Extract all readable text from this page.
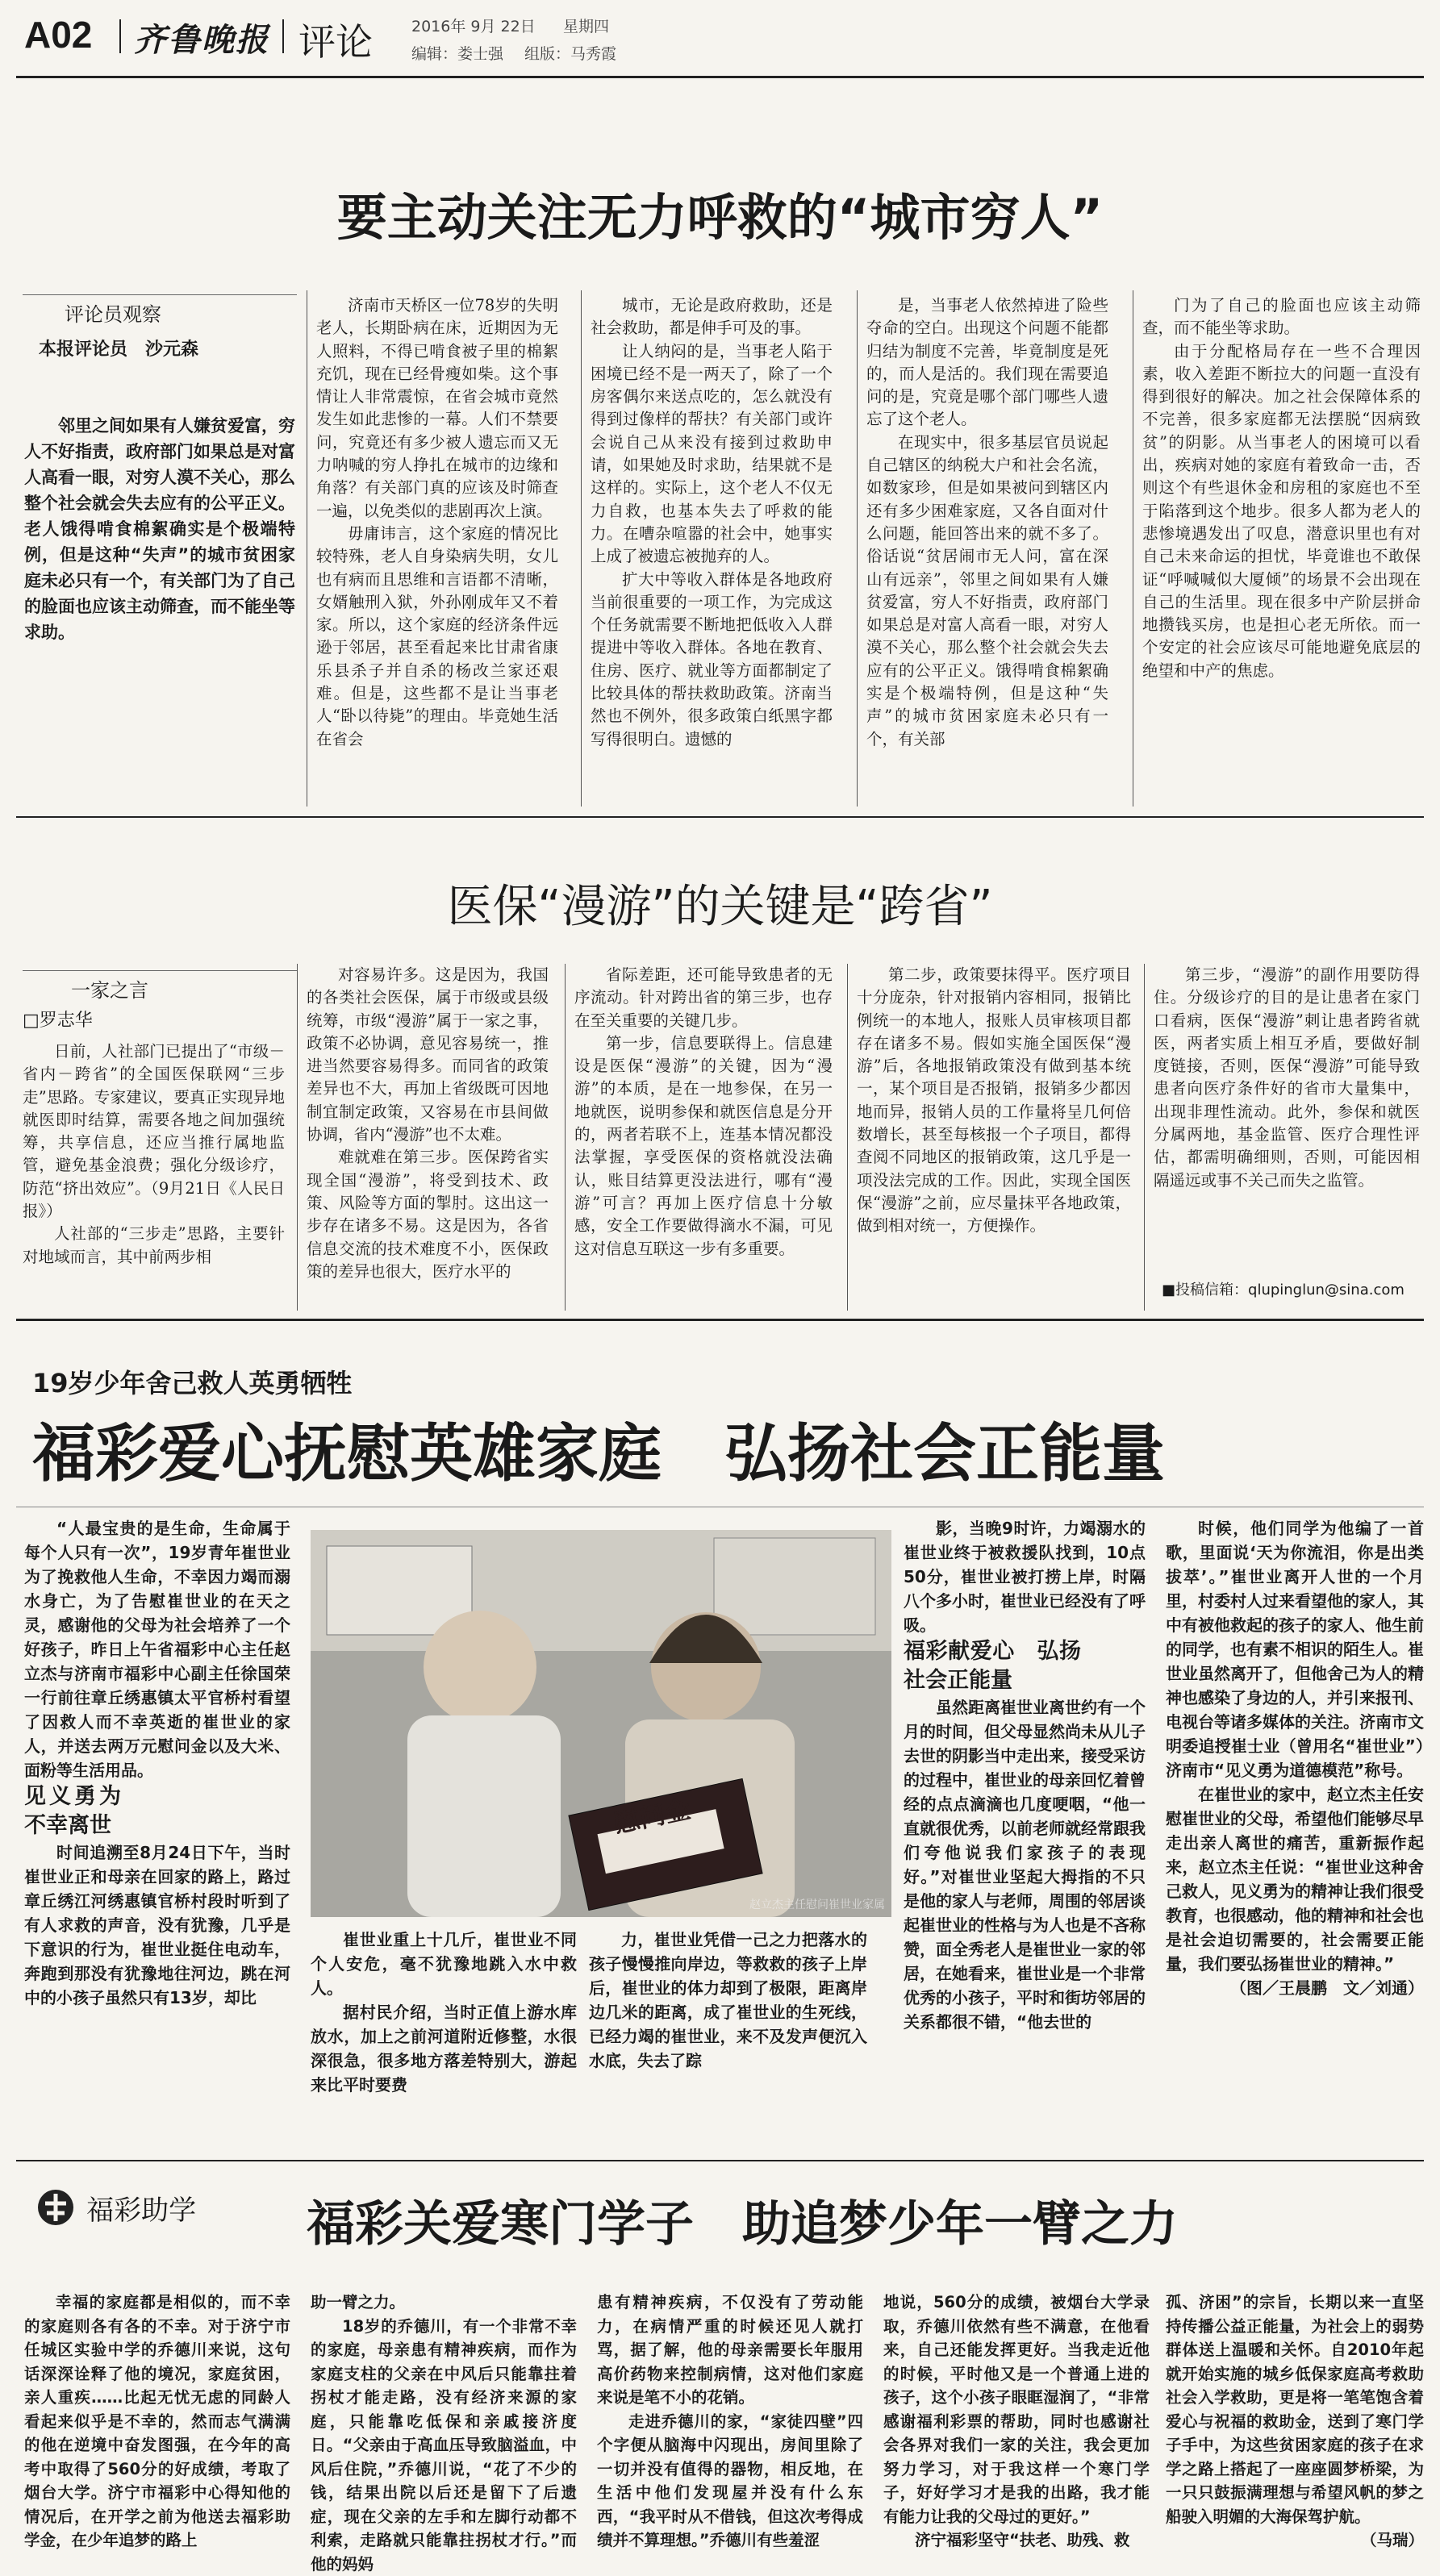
A02 齐鲁晚报 评论	2016年 9月 22日 星期四
编辑：娄士强 组版：马秀霞
要主动关注无力呼救的“城市穷人”
评论员观察
本报评论员　沙元森

邻里之间如果有人嫌贫爱富，穷人不好指责，政府部门如果总是对富人高看一眼，对穷人漠不关心，那么整个社会就会失去应有的公平正义。老人饿得啃食棉絮确实是个极端特例，但是这种“失声”的城市贫困家庭未必只有一个，有关部门为了自己的脸面也应该主动筛查，而不能坐等求助。

济南市天桥区一位78岁的失明老人，长期卧病在床，近期因为无人照料，不得已啃食被子里的棉絮充饥，现在已经骨瘦如柴。这个事情让人非常震惊，在省会城市竟然发生如此悲惨的一幕。人们不禁要问，究竟还有多少被人遗忘而又无力呐喊的穷人挣扎在城市的边缘和角落？有关部门真的应该及时筛查一遍，以免类似的悲剧再次上演。

毋庸讳言，这个家庭的情况比较特殊，老人自身染病失明，女儿也有病而且思维和言语都不清晰，女婿触刑入狱，外孙刚成年又不着家。所以，这个家庭的经济条件远逊于邻居，甚至看起来比甘肃省康乐县杀子并自杀的杨改兰家还艰难。但是，这些都不是让当事老人“卧以待毙”的理由。毕竟她生活在省会

城市，无论是政府救助，还是社会救助，都是伸手可及的事。

让人纳闷的是，当事老人陷于困境已经不是一两天了，除了一个房客偶尔来送点吃的，怎么就没有得到过像样的帮扶？有关部门或许会说自己从来没有接到过救助申请，如果她及时求助，结果就不是这样的。实际上，这个老人不仅无力自救，也基本失去了呼救的能力。在嘈杂喧嚣的社会中，她事实上成了被遗忘被抛弃的人。

扩大中等收入群体是各地政府当前很重要的一项工作，为完成这个任务就需要不断地把低收入人群提进中等收入群体。各地在教育、住房、医疗、就业等方面都制定了比较具体的帮扶救助政策。济南当然也不例外，很多政策白纸黑字都写得很明白。遗憾的

是，当事老人依然掉进了险些夺命的空白。出现这个问题不能都归结为制度不完善，毕竟制度是死的，而人是活的。我们现在需要追问的是，究竟是哪个部门哪些人遗忘了这个老人。

在现实中，很多基层官员说起自己辖区的纳税大户和社会名流，如数家珍，但是如果被问到辖区内还有多少困难家庭，又各自面对什么问题，能回答出来的就不多了。俗话说“贫居闹市无人问，富在深山有远亲”，邻里之间如果有人嫌贫爱富，穷人不好指责，政府部门如果总是对富人高看一眼，对穷人漠不关心，那么整个社会就会失去应有的公平正义。饿得啃食棉絮确实是个极端特例，但是这种“失声”的城市贫困家庭未必只有一个，有关部

门为了自己的脸面也应该主动筛查，而不能坐等求助。

由于分配格局存在一些不合理因素，收入差距不断拉大的问题一直没有得到很好的解决。加之社会保障体系的不完善，很多家庭都无法摆脱“因病致贫”的阴影。从当事老人的困境可以看出，疾病对她的家庭有着致命一击，否则这个有些退休金和房租的家庭也不至于陷落到这个地步。很多人都为老人的悲惨境遇发出了叹息，潜意识里也有对自己未来命运的担忧，毕竟谁也不敢保证“呼喊喊似大厦倾”的场景不会出现在自己的生活里。现在很多中产阶层拼命地攒钱买房，也是担心老无所依。而一个安定的社会应该尽可能地避免底层的绝望和中产的焦虑。

医保“漫游”的关键是“跨省”
一家之言
□罗志华

日前，人社部门已提出了“市级－省内－跨省”的全国医保联网“三步走”思路。专家建议，要真正实现异地就医即时结算，需要各地之间加强统筹，共享信息，还应当推行属地监管，避免基金浪费；强化分级诊疗，防范“挤出效应”。（9月21日《人民日报》）

人社部的“三步走”思路，主要针对地域而言，其中前两步相

对容易许多。这是因为，我国的各类社会医保，属于市级或县级统筹，市级“漫游”属于一家之事，政策不必协调，意见容易统一，推进当然要容易得多。而同省的政策差异也不大，再加上省级既可因地制宜制定政策，又容易在市县间做协调，省内“漫游”也不太难。

难就难在第三步。医保跨省实现全国“漫游”，将受到技术、政策、风险等方面的掣肘。这出这一步存在诸多不易。这是因为，各省信息交流的技术难度不小，医保政策的差异也很大，医疗水平的

省际差距，还可能导致患者的无序流动。针对跨出省的第三步，也存在至关重要的关键几步。

第一步，信息要联得上。信息建设是医保“漫游”的关键，因为“漫游”的本质，是在一地参保，在另一地就医，说明参保和就医信息是分开的，两者若联不上，连基本情况都没法掌握，享受医保的资格就没法确认，账目结算更没法进行，哪有“漫游”可言？再加上医疗信息十分敏感，安全工作要做得滴水不漏，可见这对信息互联这一步有多重要。

第二步，政策要抹得平。医疗项目十分庞杂，针对报销内容相同，报销比例统一的本地人，报账人员审核项目都存在诸多不易。假如实施全国医保“漫游”后，各地报销政策没有做到基本统一，某个项目是否报销，报销多少都因地而异，报销人员的工作量将呈几何倍数增长，甚至每核报一个子项目，都得查阅不同地区的报销政策，这几乎是一项没法完成的工作。因此，实现全国医保“漫游”之前，应尽量抹平各地政策，做到相对统一，方便操作。

第三步，“漫游”的副作用要防得住。分级诊疗的目的是让患者在家门口看病，医保“漫游”刺让患者跨省就医，两者实质上相互矛盾，要做好制度链接，否则，医保“漫游”可能导致患者向医疗条件好的省市大量集中，出现非理性流动。此外，参保和就医分属两地，基金监管、医疗合理性评估，都需明确细则，否则，可能因相隔遥远或事不关己而失之监管。

■投稿信箱：qlupinglun@sina.com
19岁少年舍己救人英勇牺牲
福彩爱心抚慰英雄家庭　弘扬社会正能量

“人最宝贵的是生命，生命属于每个人只有一次”，19岁青年崔世业为了挽救他人生命，不幸因力竭而溺水身亡，为了告慰崔世业的在天之灵，感谢他的父母为社会培养了一个好孩子，昨日上午省福彩中心主任赵立杰与济南市福彩中心副主任徐国荣一行前往章丘绣惠镇太平官桥村看望了因救人而不幸英逝的崔世业的家人，并送去两万元慰问金以及大米、面粉等生活用品。

见义勇为　不幸离世

时间追溯至8月24日下午，当时崔世业正和母亲在回家的路上，路过章丘绣江河绣惠镇官桥村段时听到了有人求救的声音，没有犹豫，几乎是下意识的行为，崔世业挺住电动车，奔跑到那没有犹豫地往河边，跳在河中的小孩子虽然只有13岁，却比

慰问金
赵立杰主任慰问崔世业家属

崔世业重上十几斤，崔世业不同个人安危，毫不犹豫地跳入水中救人。

据村民介绍，当时正值上游水库放水，加上之前河道附近修整，水很深很急，很多地方落差特别大，游起来比平时要费

力，崔世业凭借一己之力把落水的孩子慢慢推向岸边，等救救的孩子上岸后，崔世业的体力却到了极限，距离岸边几米的距离，成了崔世业的生死线，已经力竭的崔世业，来不及发声便沉入水底，失去了踪

影，当晚9时许，力竭溺水的崔世业终于被救援队找到，10点50分，崔世业被打捞上岸，时隔八个多小时，崔世业已经没有了呼吸。

福彩献爱心　弘扬社会正能量

虽然距离崔世业离世约有一个月的时间，但父母显然尚未从儿子去世的阴影当中走出来，接受采访的过程中，崔世业的母亲回忆着曾经的点点滴滴也几度哽咽，“他一直就很优秀，以前老师就经常跟我们夸他说我们家孩子的表现好。”对崔世业坚起大拇指的不只是他的家人与老师，周围的邻居谈起崔世业的性格与为人也是不吝称赞，面全秀老人是崔世业一家的邻居，在她看来，崔世业是一个非常优秀的小孩子，平时和街坊邻居的关系都很不错，“他去世的

时候，他们同学为他编了一首歌，里面说‘天为你流泪，你是出类拔萃’。”崔世业离开人世的一个月里，村委村人过来看望他的家人，其中有被他救起的孩子的家人、他生前的同学，也有素不相识的陌生人。崔世业虽然离开了，但他舍己为人的精神也感染了身边的人，并引来报刊、电视台等诸多媒体的关注。济南市文明委追授崔士业（曾用名“崔世业”）济南市“见义勇为道德模范”称号。

在崔世业的家中，赵立杰主任安慰崔世业的父母，希望他们能够尽早走出亲人离世的痛苦，重新振作起来，赵立杰主任说：“崔世业这种舍己救人，见义勇为的精神让我们很受教育，也很感动，他的精神和社会也是社会迫切需要的，社会需要正能量，我们要弘扬崔世业的精神。”

（图／王晨鹏　文／刘通）

福彩助学 福彩关爱寒门学子　助追梦少年一臂之力

幸福的家庭都是相似的，而不幸的家庭则各有各的不幸。对于济宁市任城区实验中学的乔德川来说，这句话深深诠释了他的境况，家庭贫困，亲人重疾……比起无忧无虑的同龄人看起来似乎是不幸的，然而志气满满的他在逆境中奋发图强，在今年的高考中取得了560分的好成绩，考取了烟台大学。济宁市福彩中心得知他的情况后，在开学之前为他送去福彩助学金，在少年追梦的路上

助一臂之力。

18岁的乔德川，有一个非常不幸的家庭，母亲患有精神疾病，而作为家庭支柱的父亲在中风后只能靠拄着拐杖才能走路，没有经济来源的家庭，只能靠吃低保和亲戚接济度日。“父亲由于高血压导致脑溢血，中风后住院，”乔德川说，“花了不少的钱，结果出院以后还是留下了后遗症，现在父亲的左手和左脚行动都不利索，走路就只能靠拄拐杖才行。”而他的妈妈

患有精神疾病，不仅没有了劳动能力，在病情严重的时候还见人就打骂，据了解，他的母亲需要长年服用高价药物来控制病情，这对他们家庭来说是笔不小的花销。

走进乔德川的家，“家徒四壁”四个字便从脑海中闪现出，房间里除了一切并没有值得的器物，相反地，在生活中他们发现屋并没有什么东西，“我平时从不借钱，但这次考得成绩并不算理想。”乔德川有些羞涩

地说，560分的成绩，被烟台大学录取，乔德川依然有些不满意，在他看来，自己还能发挥更好。当我走近他的时候，平时他又是一个普通上进的孩子，这个小孩子眼眶湿润了，“非常感谢福利彩票的帮助，同时也感谢社会各界对我们一家的关注，我会更加努力学习，对于我这样一个寒门学子，好好学习才是我的出路，我才能有能力让我的父母过的更好。”

济宁福彩坚守“扶老、助残、救

孤、济困”的宗旨，长期以来一直坚持传播公益正能量，为社会上的弱势群体送上温暖和关怀。自2010年起就开始实施的城乡低保家庭高考救助社会入学救助，更是将一笔笔饱含着爱心与祝福的救助金，送到了寒门学子手中，为这些贫困家庭的孩子在求学之路上搭起了一座座圆梦桥梁，为一只只鼓振满理想与希望风帆的梦之船驶入明媚的大海保驾护航。

（马瑞）
